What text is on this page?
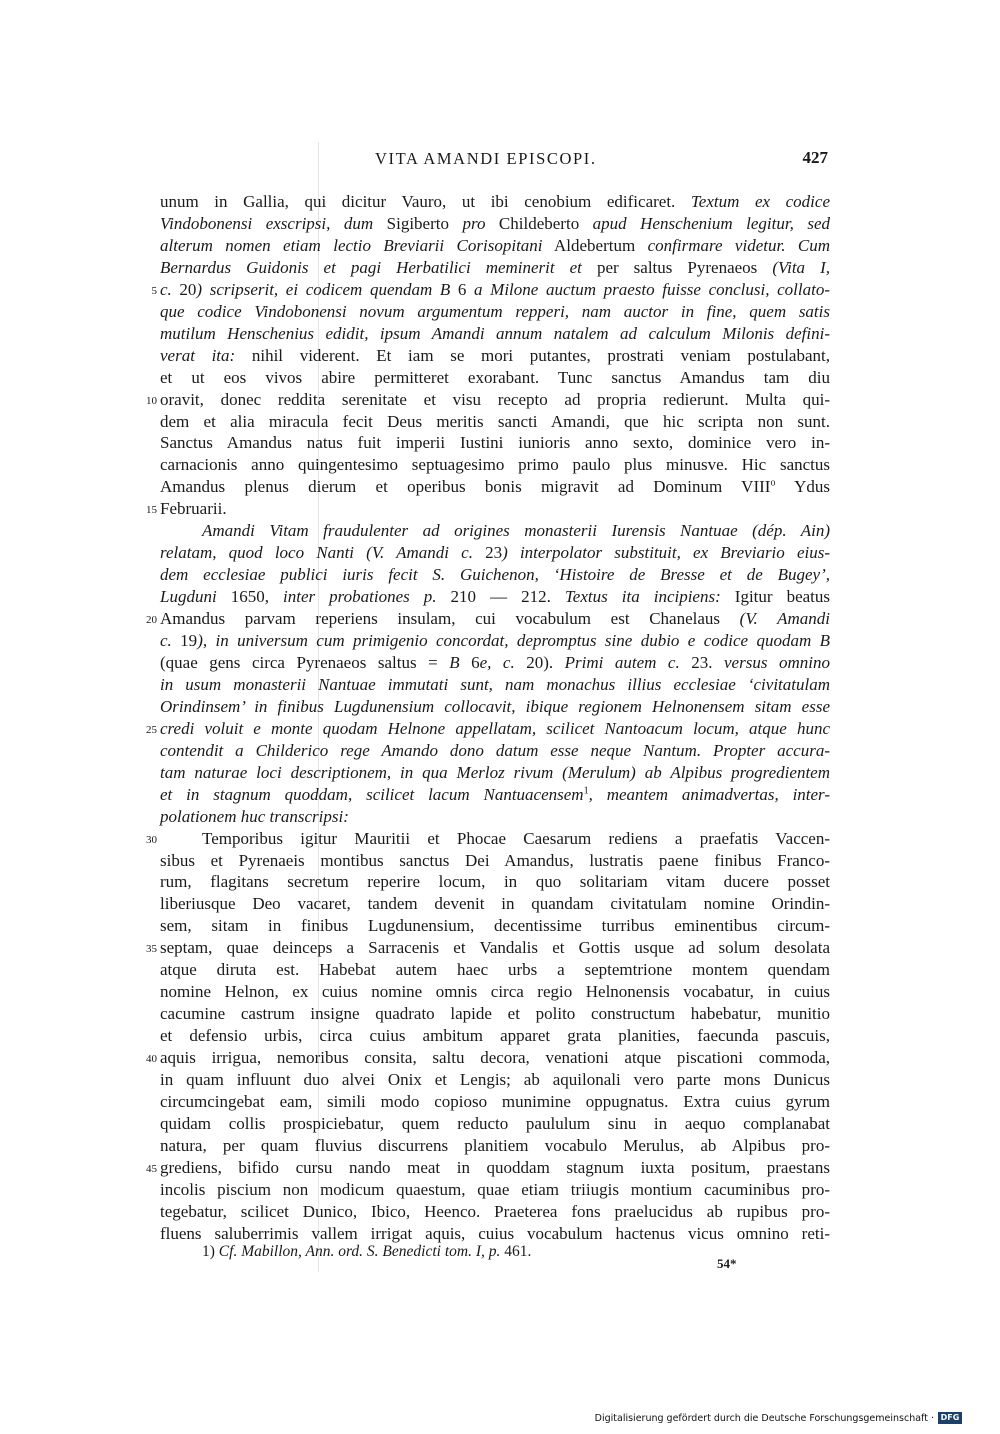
VITA AMANDI EPISCOPI.	427
unum in Gallia, qui dicitur Vauro, ut ibi cenobium edificaret. Textum ex codice
Vindobonensi exscripsi, dum Sigiberto pro Childeberto apud Henschenium legitur, sed
alterum nomen etiam lectio Breviarii Corisopitani Aldebertum confirmare videtur. Cum
Bernardus Guidonis et pagi Herbatilici meminerit et per saltus Pyrenaeos (Vita I,
c. 20) scripserit, ei codicem quendam B 6 a Milone auctum praesto fuisse conclusi, collato-
5
que codice Vindobonensi novum argumentum repperi, nam auctor in fine, quem satis
mutilum Henschenius edidit, ipsum Amandi annum natalem ad calculum Milonis defini-
verat ita: nihil viderent. Et iam se mori putantes, prostrati veniam postulabant,
et ut eos vivos abire permitteret exorabant. Tunc sanctus Amandus tam diu
oravit, donec reddita serenitate et visu recepto ad propria redierunt. Multa qui-
10
dem et alia miracula fecit Deus meritis sancti Amandi, que hic scripta non sunt.
Sanctus Amandus natus fuit imperii Iustini iunioris anno sexto, dominice vero in-
carnacionis anno quingentesimo septuagesimo primo paulo plus minusve. Hic sanctus
Amandus plenus dierum et operibus bonis migravit ad Dominum VIII$^o$ Ydus
Februarii.
15
Amandi Vitam fraudulenter ad origines monasterii Iurensis Nantuae (dép. Ain)
relatam, quod loco Nanti (V. Amandi c. 23) interpolator substituit, ex Breviario eius-
dem ecclesiae publici iuris fecit S. Guichenon, ‘Histoire de Bresse et de Bugey’,
Lugduni 1650, inter probationes p. 210 — 212. Textus ita incipiens: Igitur beatus
Amandus parvam reperiens insulam, cui vocabulum est Chanelaus (V. Amandi
20
c. 19), in universum cum primigenio concordat, depromptus sine dubio e codice quodam B
(quae gens circa Pyrenaeos saltus = B 6e, c. 20). Primi autem c. 23. versus omnino
in usum monasterii Nantuae immutati sunt, nam monachus illius ecclesiae ‘civitatulam
Orindinsem’ in finibus Lugdunensium collocavit, ibique regionem Helnonensem sitam esse
credi voluit e monte quodam Helnone appellatam, scilicet Nantoacum locum, atque hunc
25
contendit a Childerico rege Amando dono datum esse neque Nantum. Propter accura-
tam naturae loci descriptionem, in qua Merloz rivum (Merulum) ab Alpibus progredientem
et in stagnum quoddam, scilicet lacum Nantuacensem$^1$, meantem animadvertas, inter-
polationem huc transcripsi:
Temporibus igitur Mauritii et Phocae Caesarum rediens a praefatis Vaccen-
30
sibus et Pyrenaeis montibus sanctus Dei Amandus, lustratis paene finibus Franco-
rum, flagitans secretum reperire locum, in quo solitariam vitam ducere posset
liberiusque Deo vacaret, tandem devenit in quandam civitatulam nomine Orindin-
sem, sitam in finibus Lugdunensium, decentissime turribus eminentibus circum-
septam, quae deinceps a Sarracenis et Vandalis et Gottis usque ad solum desolata
35
atque diruta est. Habebat autem haec urbs a septemtrione montem quendam
nomine Helnon, ex cuius nomine omnis circa regio Helnonensis vocabatur, in cuius
cacumine castrum insigne quadrato lapide et polito constructum habebatur, munitio
et defensio urbis, circa cuius ambitum apparet grata planities, faecunda pascuis,
aquis irrigua, nemoribus consita, saltu decora, venationi atque piscationi commoda,
40
in quam influunt duo alvei Onix et Lengis; ab aquilonali vero parte mons Dunicus
circumcingebat eam, simili modo copioso munimine oppugnatus. Extra cuius gyrum
quidam collis prospiciebatur, quem reducto paululum sinu in aequo complanabat
natura, per quam fluvius discurrens planitiem vocabulo Merulus, ab Alpibus pro-
grediens, bifido cursu nando meat in quoddam stagnum iuxta positum, praestans
45
incolis piscium non modicum quaestum, quae etiam triiugis montium cacuminibus pro-
tegebatur, scilicet Dunico, Ibico, Heenco. Praeterea fons praelucidus ab rupibus pro-
fluens saluberrimis vallem irrigat aquis, cuius vocabulum hactenus vicus omnino reti-
1) Cf. Mabillon, Ann. ord. S. Benedicti tom. I, p. 461.
54*
Digitalisierung gefördert durch die Deutsche Forschungsgemeinschaft · DFG
